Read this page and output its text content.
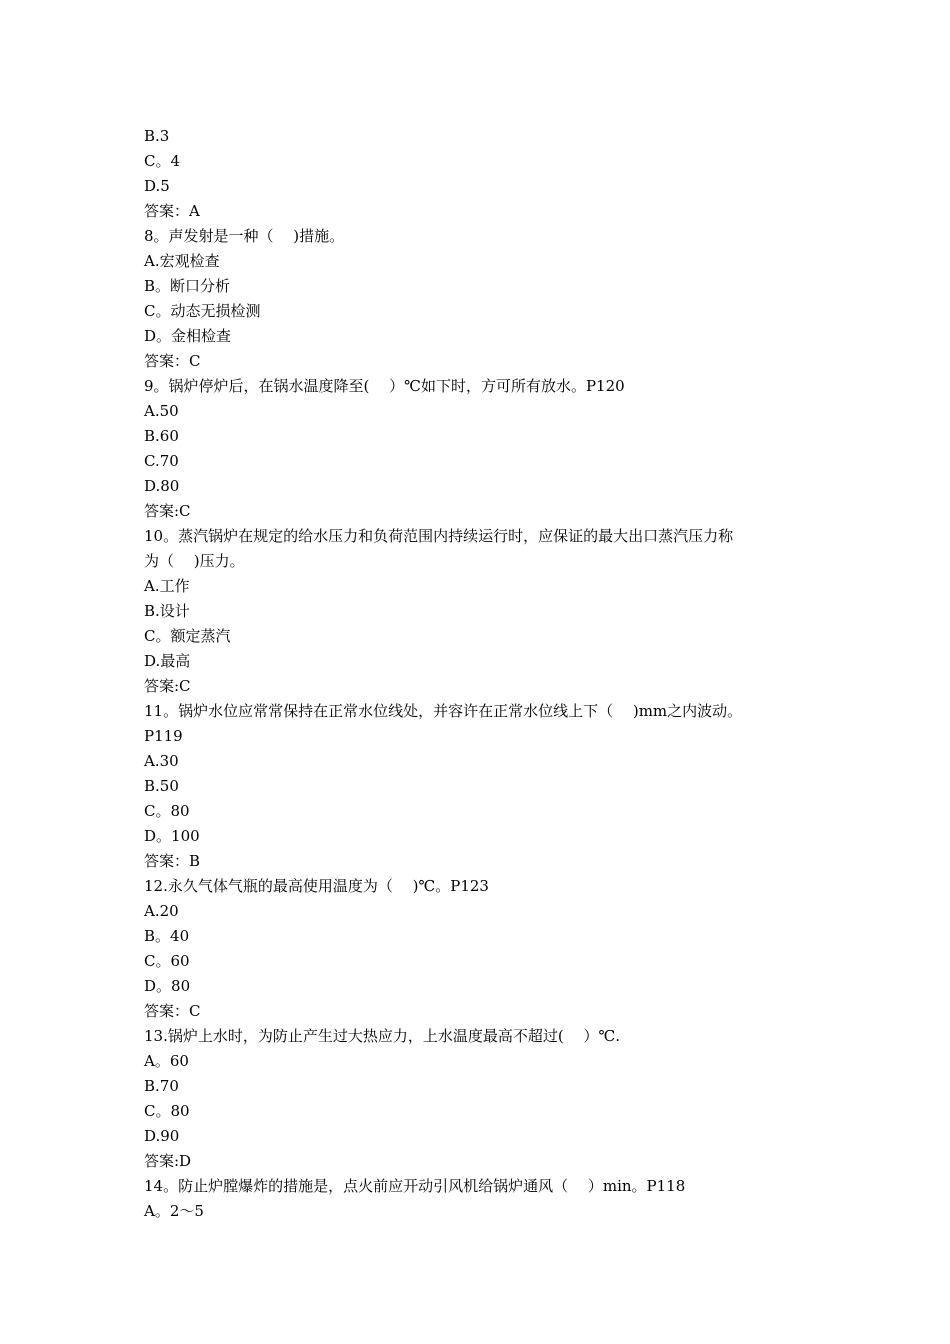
B.3
C。4
D.5
答案：A
8。声发射是一种（　 )措施。
A.宏观检查
B。断口分析
C。动态无损检测
D。金相检查
答案：C
9。锅炉停炉后，在锅水温度降至(　 ）℃如下时，方可所有放水。P120
A.50
B.60
C.70
D.80
答案:C
10。蒸汽锅炉在规定的给水压力和负荷范围内持续运行时，应保证的最大出口蒸汽压力称
为（　 )压力。
A.工作
B.设计
C。额定蒸汽
D.最高
答案:C
11。锅炉水位应常常保持在正常水位线处，并容许在正常水位线上下（　 )mm之内波动。
P119
A.30
B.50
C。80
D。100
答案：B
12.永久气体气瓶的最高使用温度为（　 )℃。P123
A.20
B。40
C。60
D。80
答案：C
13.锅炉上水时，为防止产生过大热应力，上水温度最高不超过(　 ）℃.
A。60
B.70
C。80
D.90
答案:D
14。防止炉膛爆炸的措施是，点火前应开动引风机给锅炉通风（　 ）min。P118
A。2～5
